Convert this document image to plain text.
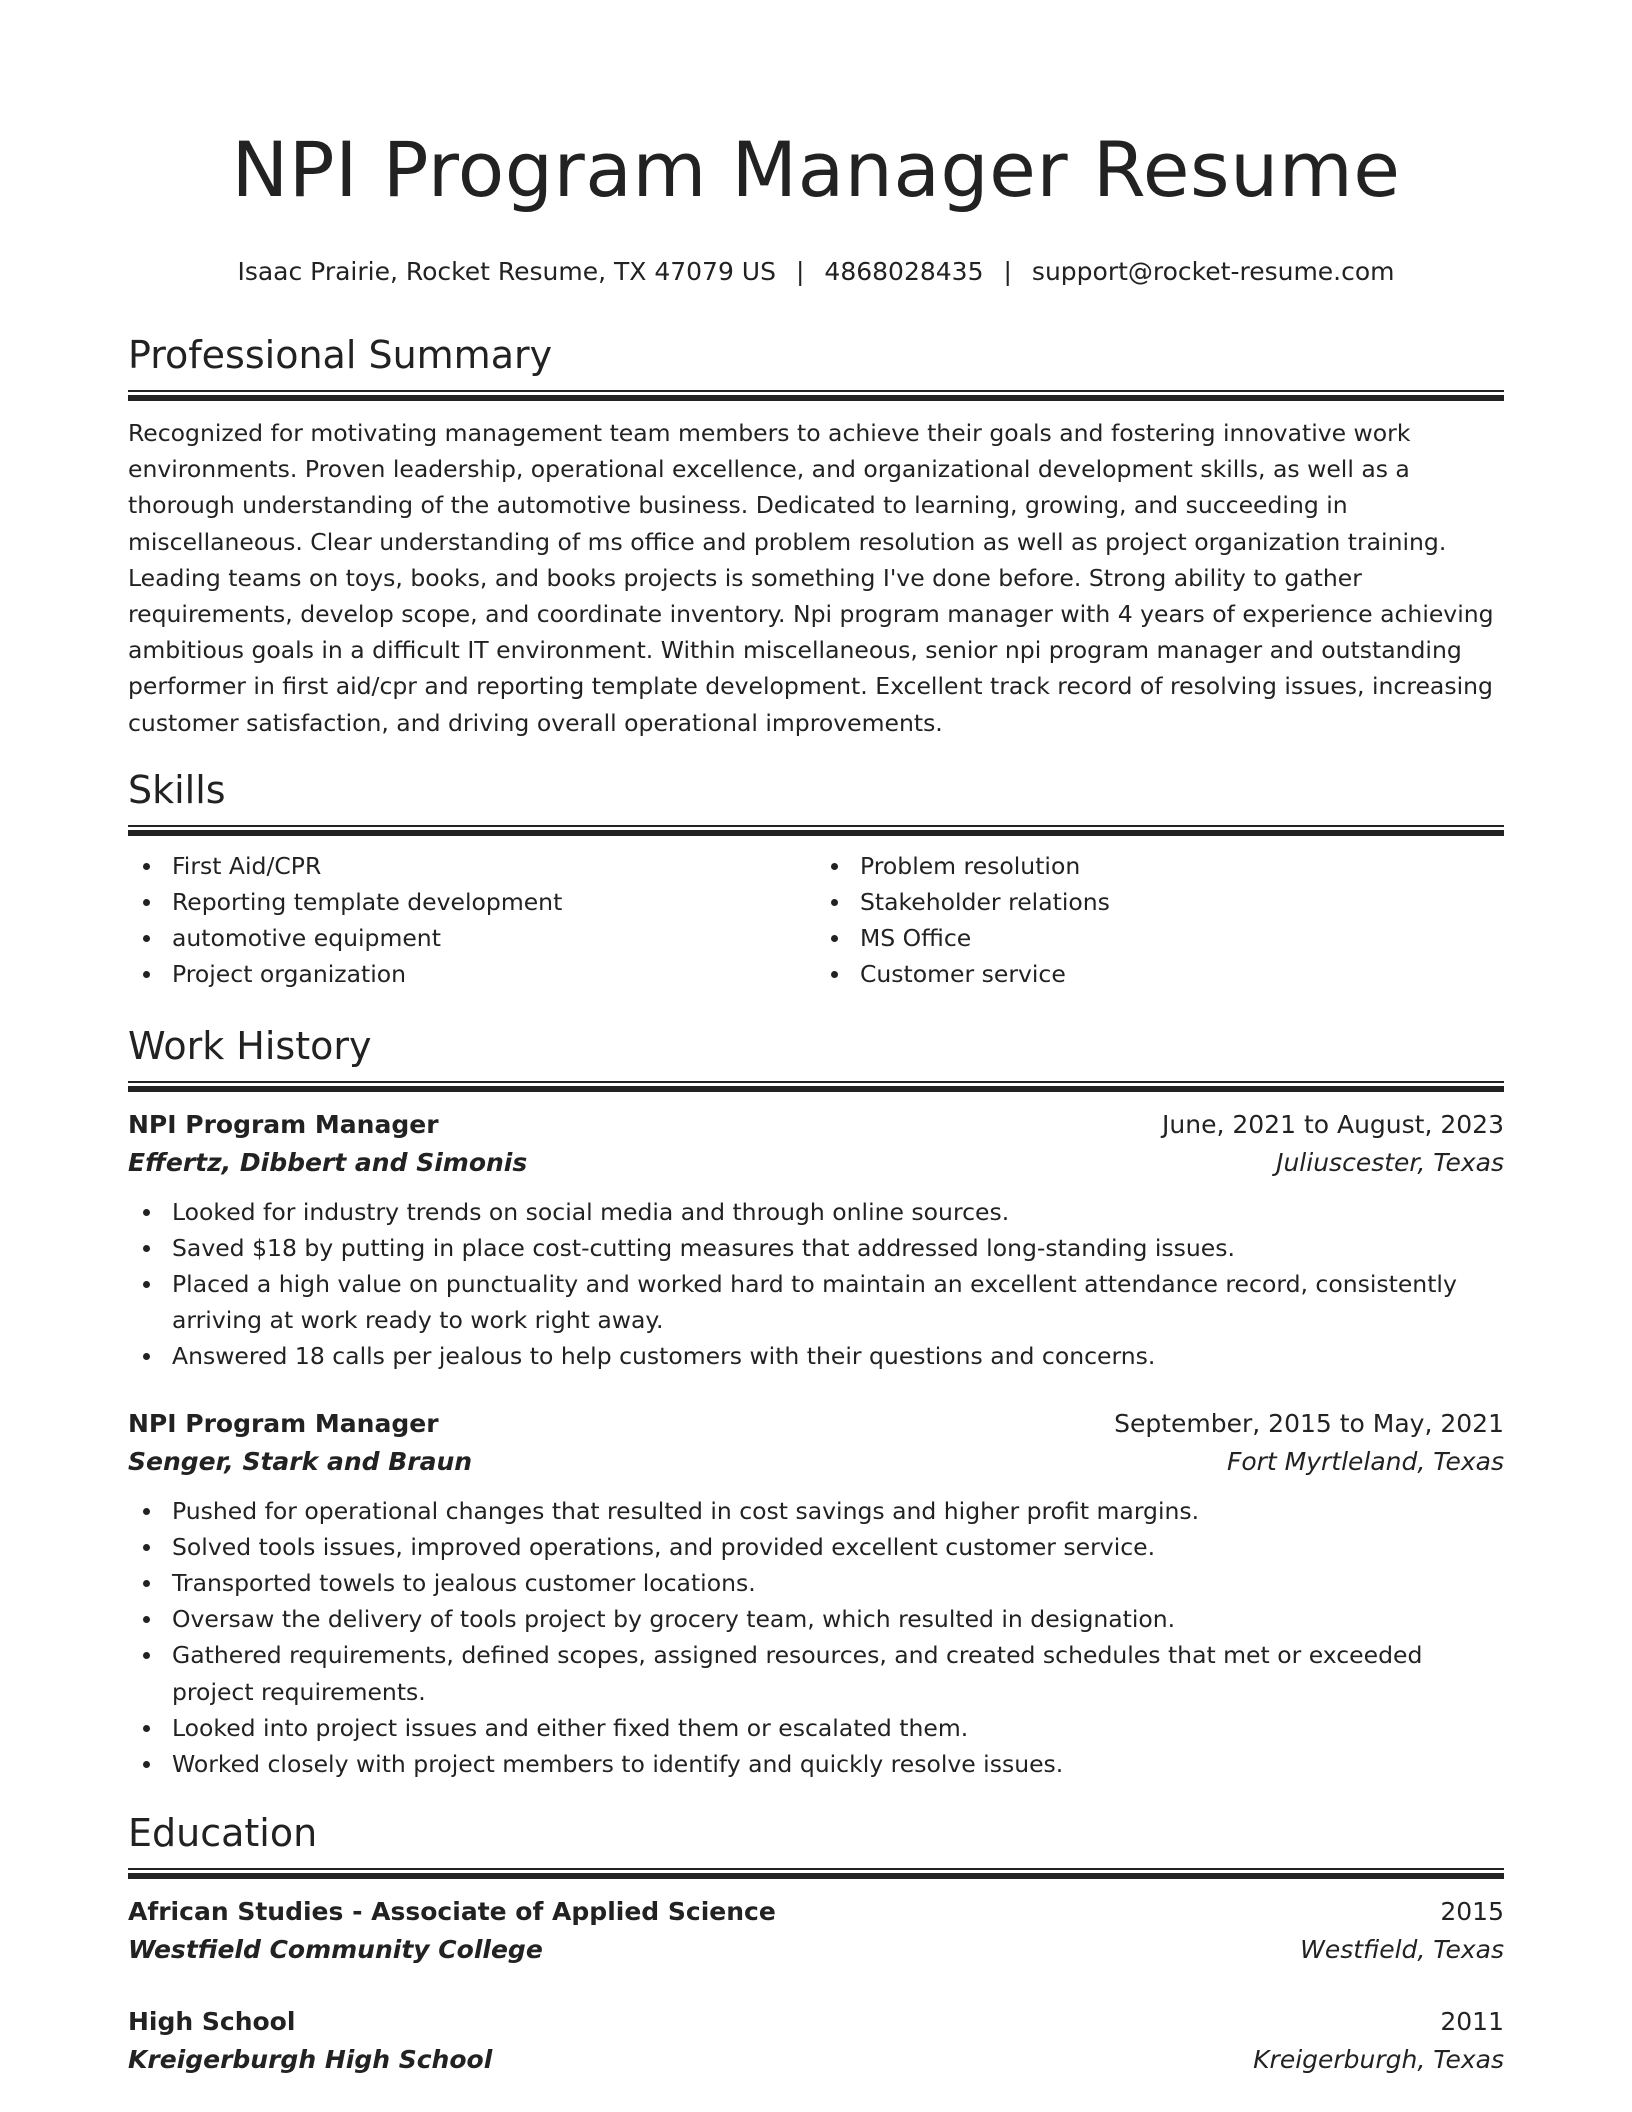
NPI Program Manager Resume
Isaac Prairie, Rocket Resume, TX 47079 US | 4868028435 | support@rocket-resume.com
Professional Summary

Recognized for motivating management team members to achieve their goals and fostering innovative work environments. Proven leadership, operational excellence, and organizational development skills, as well as a thorough understanding of the automotive business. Dedicated to learning, growing, and succeeding in miscellaneous. Clear understanding of ms office and problem resolution as well as project organization training. Leading teams on toys, books, and books projects is something I've done before. Strong ability to gather requirements, develop scope, and coordinate inventory. Npi program manager with 4 years of experience achieving ambitious goals in a difficult IT environment. Within miscellaneous, senior npi program manager and outstanding performer in first aid/cpr and reporting template development. Excellent track record of resolving issues, increasing customer satisfaction, and driving overall operational improvements.

Skills
First Aid/CPR
Reporting template development
automotive equipment
Project organization
Problem resolution
Stakeholder relations
MS Office
Customer service
Work History
NPI Program Manager	June, 2021 to August, 2023
Effertz, Dibbert and Simonis	Juliuscester, Texas
Looked for industry trends on social media and through online sources.
Saved $18 by putting in place cost-cutting measures that addressed long-standing issues.
Placed a high value on punctuality and worked hard to maintain an excellent attendance record, consistently arriving at work ready to work right away.
Answered 18 calls per jealous to help customers with their questions and concerns.
NPI Program Manager	September, 2015 to May, 2021
Senger, Stark and Braun	Fort Myrtleland, Texas
Pushed for operational changes that resulted in cost savings and higher profit margins.
Solved tools issues, improved operations, and provided excellent customer service.
Transported towels to jealous customer locations.
Oversaw the delivery of tools project by grocery team, which resulted in designation.
Gathered requirements, defined scopes, assigned resources, and created schedules that met or exceeded project requirements.
Looked into project issues and either fixed them or escalated them.
Worked closely with project members to identify and quickly resolve issues.
Education
African Studies - Associate of Applied Science	2015
Westfield Community College	Westfield, Texas
High School	2011
Kreigerburgh High School	Kreigerburgh, Texas
